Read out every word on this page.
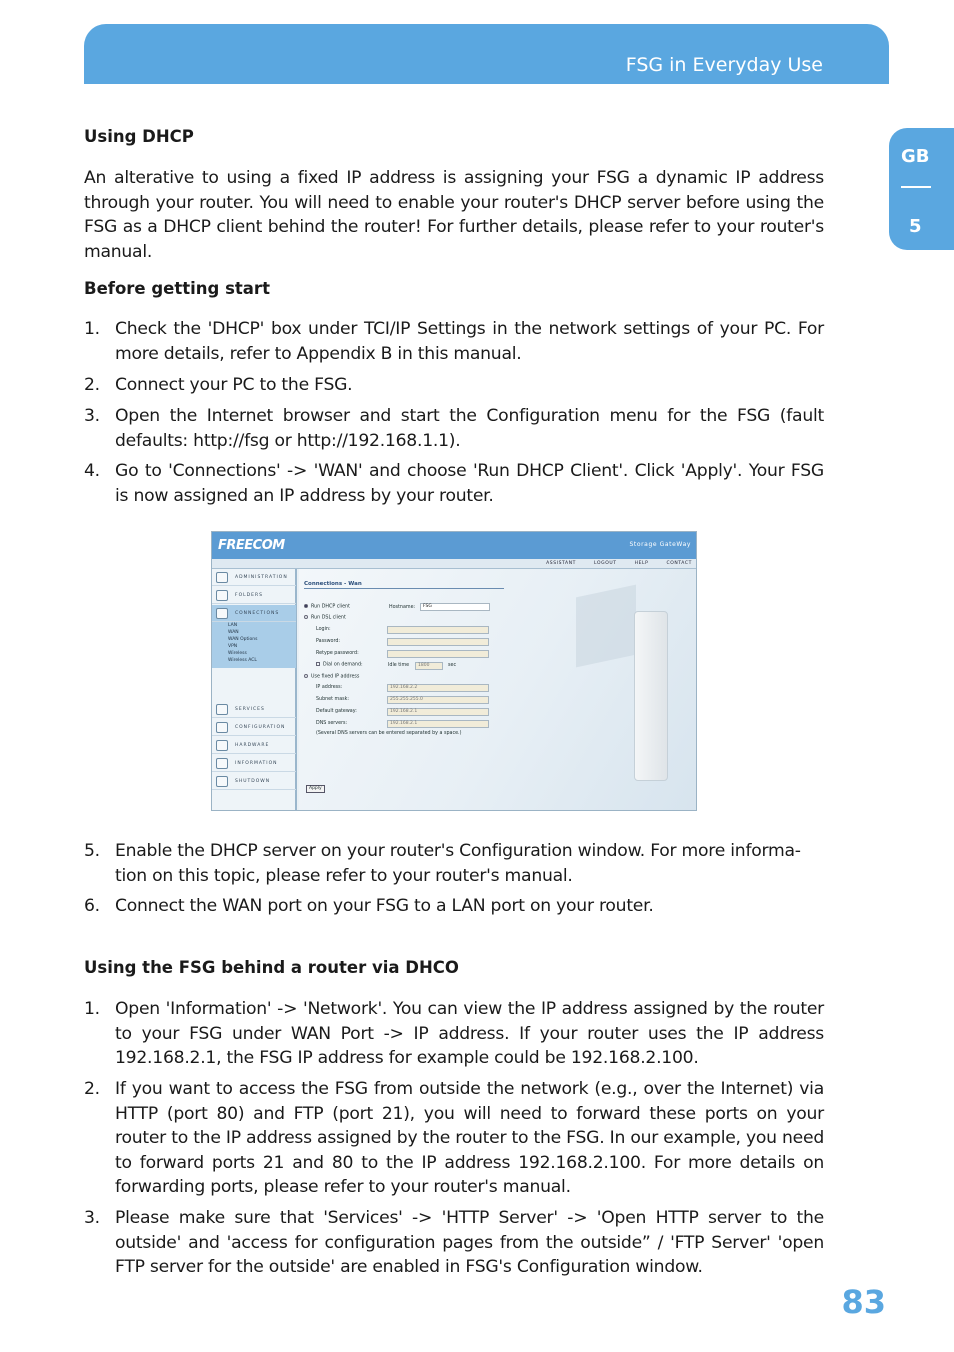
FSG in Everyday Use
GB
5
Using DHCP
An alterative to using a fixed IP address is assigning your FSG a dynamic IP address through your router. You will need to enable your router's DHCP server before using the FSG as a DHCP client behind the router! For further details, please refer to your router's manual.
Before getting start
1. Check the 'DHCP' box under TCI/IP Settings in the network settings of your PC. For more details, refer to Appendix B in this manual.
2. Connect your PC to the FSG.
3. Open the Internet browser and start the Configuration menu for the FSG (fault defaults: http://fsg or http://192.168.1.1).
4. Go to 'Connections' -> 'WAN' and choose 'Run DHCP Client'. Click 'Apply'. Your FSG is now assigned an IP address by your router.
FREECOM	Storage GateWay
ASSISTANT	LOGOUT	HELP	CONTACT
ADMINISTRATION
FOLDERS
CONNECTIONS
LAN
WAN
WAN Options
VPN
Wireless
Wireless ACL
SERVICES
CONFIGURATION
HARDWARE
INFORMATION
SHUTDOWN
Connections - Wan
Run DHCP client	Hostname:	FSG
Run DSL client
Login:
Password:
Retype password:
Dial on demand:	Idle time	1800	sec
Use fixed IP address
IP address:	192.168.2.2
Subnet mask:	255.255.255.0
Default gateway:	192.168.2.1
DNS servers:	192.168.2.1
(Several DNS servers can be entered separated by a space.)
Apply
5. Enable the DHCP server on your router's Configuration window. For more informa-tion on this topic, please refer to your router's manual.
6. Connect the WAN port on your FSG to a LAN port on your router.
Using the FSG behind a router via DHCO
1. Open 'Information' -> 'Network'. You can view the IP address assigned by the router to your FSG under WAN Port -> IP address. If your router uses the IP address 192.168.2.1, the FSG IP address for example could be 192.168.2.100.
2. If you want to access the FSG from outside the network (e.g., over the Internet) via HTTP (port 80) and FTP (port 21), you will need to forward these ports on your router to the IP address assigned by the router to the FSG. In our example, you need to forward ports 21 and 80 to the IP address 192.168.2.100. For more details on forwarding ports, please refer to your router's manual.
3. Please make sure that 'Services' -> 'HTTP Server' -> 'Open HTTP server to the outside' and 'access for configuration pages from the outside” / 'FTP Server' 'open FTP server for the outside' are enabled in FSG's Configuration window.
83
